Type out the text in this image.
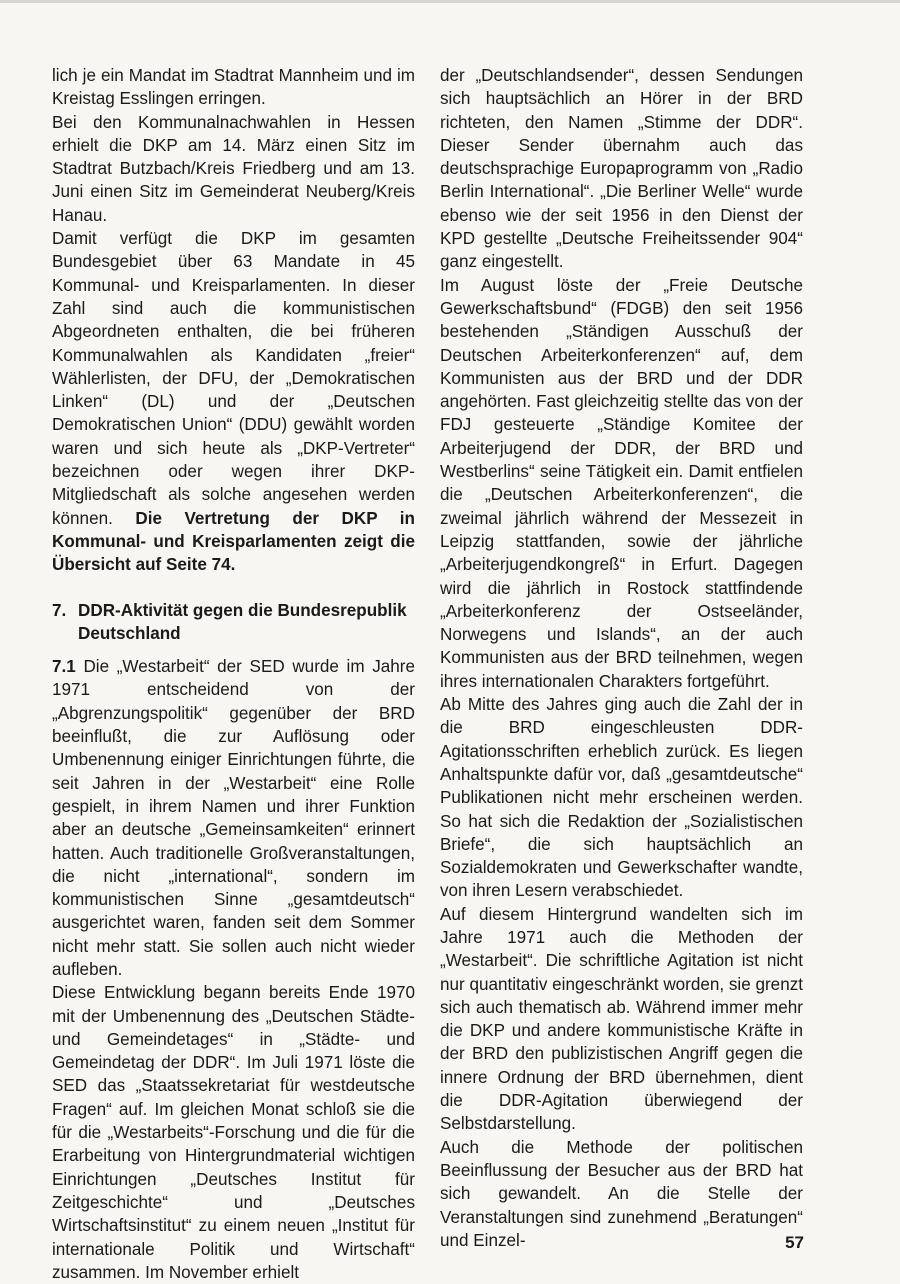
lich je ein Mandat im Stadtrat Mannheim und im Kreistag Esslingen erringen.

Bei den Kommunalnachwahlen in Hessen erhielt die DKP am 14. März einen Sitz im Stadtrat Butzbach/Kreis Friedberg und am 13. Juni einen Sitz im Gemeinderat Neuberg/Kreis Hanau.

Damit verfügt die DKP im gesamten Bundesgebiet über 63 Mandate in 45 Kommunal- und Kreisparlamenten. In dieser Zahl sind auch die kommunistischen Abgeordneten enthalten, die bei früheren Kommunalwahlen als Kandidaten „freier“ Wählerlisten, der DFU, der „Demokratischen Linken“ (DL) und der „Deutschen Demokratischen Union“ (DDU) gewählt worden waren und sich heute als „DKP-Vertreter“ bezeichnen oder wegen ihrer DKP-Mitgliedschaft als solche angesehen werden können. Die Vertretung der DKP in Kommunal- und Kreisparlamenten zeigt die Übersicht auf Seite 74.

7. DDR-Aktivität gegen die Bundesrepublik Deutschland

7.1 Die „Westarbeit“ der SED wurde im Jahre 1971 entscheidend von der „Abgrenzungspolitik“ gegenüber der BRD beeinflußt, die zur Auflösung oder Umbenennung einiger Einrichtungen führte, die seit Jahren in der „Westarbeit“ eine Rolle gespielt, in ihrem Namen und ihrer Funktion aber an deutsche „Gemeinsamkeiten“ erinnert hatten. Auch traditionelle Großveranstaltungen, die nicht „international“, sondern im kommunistischen Sinne „gesamtdeutsch“ ausgerichtet waren, fanden seit dem Sommer nicht mehr statt. Sie sollen auch nicht wieder aufleben.

Diese Entwicklung begann bereits Ende 1970 mit der Umbenennung des „Deutschen Städte- und Gemeindetages“ in „Städte- und Gemeindetag der DDR“. Im Juli 1971 löste die SED das „Staatssekretariat für westdeutsche Fragen“ auf. Im gleichen Monat schloß sie die für die „Westarbeits“-Forschung und die für die Erarbeitung von Hintergrundmaterial wichtigen Einrichtungen „Deutsches Institut für Zeitgeschichte“ und „Deutsches Wirtschaftsinstitut“ zu einem neuen „Institut für internationale Politik und Wirtschaft“ zusammen. Im November erhielt

der „Deutschlandsender“, dessen Sendungen sich hauptsächlich an Hörer in der BRD richteten, den Namen „Stimme der DDR“. Dieser Sender übernahm auch das deutschsprachige Europaprogramm von „Radio Berlin International“. „Die Berliner Welle“ wurde ebenso wie der seit 1956 in den Dienst der KPD gestellte „Deutsche Freiheitssender 904“ ganz eingestellt.

Im August löste der „Freie Deutsche Gewerkschaftsbund“ (FDGB) den seit 1956 bestehenden „Ständigen Ausschuß der Deutschen Arbeiterkonferenzen“ auf, dem Kommunisten aus der BRD und der DDR angehörten. Fast gleichzeitig stellte das von der FDJ gesteuerte „Ständige Komitee der Arbeiterjugend der DDR, der BRD und Westberlins“ seine Tätigkeit ein. Damit entfielen die „Deutschen Arbeiterkonferenzen“, die zweimal jährlich während der Messezeit in Leipzig stattfanden, sowie der jährliche „Arbeiterjugendkongreß“ in Erfurt. Dagegen wird die jährlich in Rostock stattfindende „Arbeiterkonferenz der Ostseeländer, Norwegens und Islands“, an der auch Kommunisten aus der BRD teilnehmen, wegen ihres internationalen Charakters fortgeführt.

Ab Mitte des Jahres ging auch die Zahl der in die BRD eingeschleusten DDR-Agitationsschriften erheblich zurück. Es liegen Anhaltspunkte dafür vor, daß „gesamtdeutsche“ Publikationen nicht mehr erscheinen werden. So hat sich die Redaktion der „Sozialistischen Briefe“, die sich hauptsächlich an Sozialdemokraten und Gewerkschafter wandte, von ihren Lesern verabschiedet.

Auf diesem Hintergrund wandelten sich im Jahre 1971 auch die Methoden der „Westarbeit“. Die schriftliche Agitation ist nicht nur quantitativ eingeschränkt worden, sie grenzt sich auch thematisch ab. Während immer mehr die DKP und andere kommunistische Kräfte in der BRD den publizistischen Angriff gegen die innere Ordnung der BRD übernehmen, dient die DDR-Agitation überwiegend der Selbstdarstellung.

Auch die Methode der politischen Beeinflussung der Besucher aus der BRD hat sich gewandelt. An die Stelle der Veranstaltungen sind zunehmend „Beratungen“ und Einzel-	57
